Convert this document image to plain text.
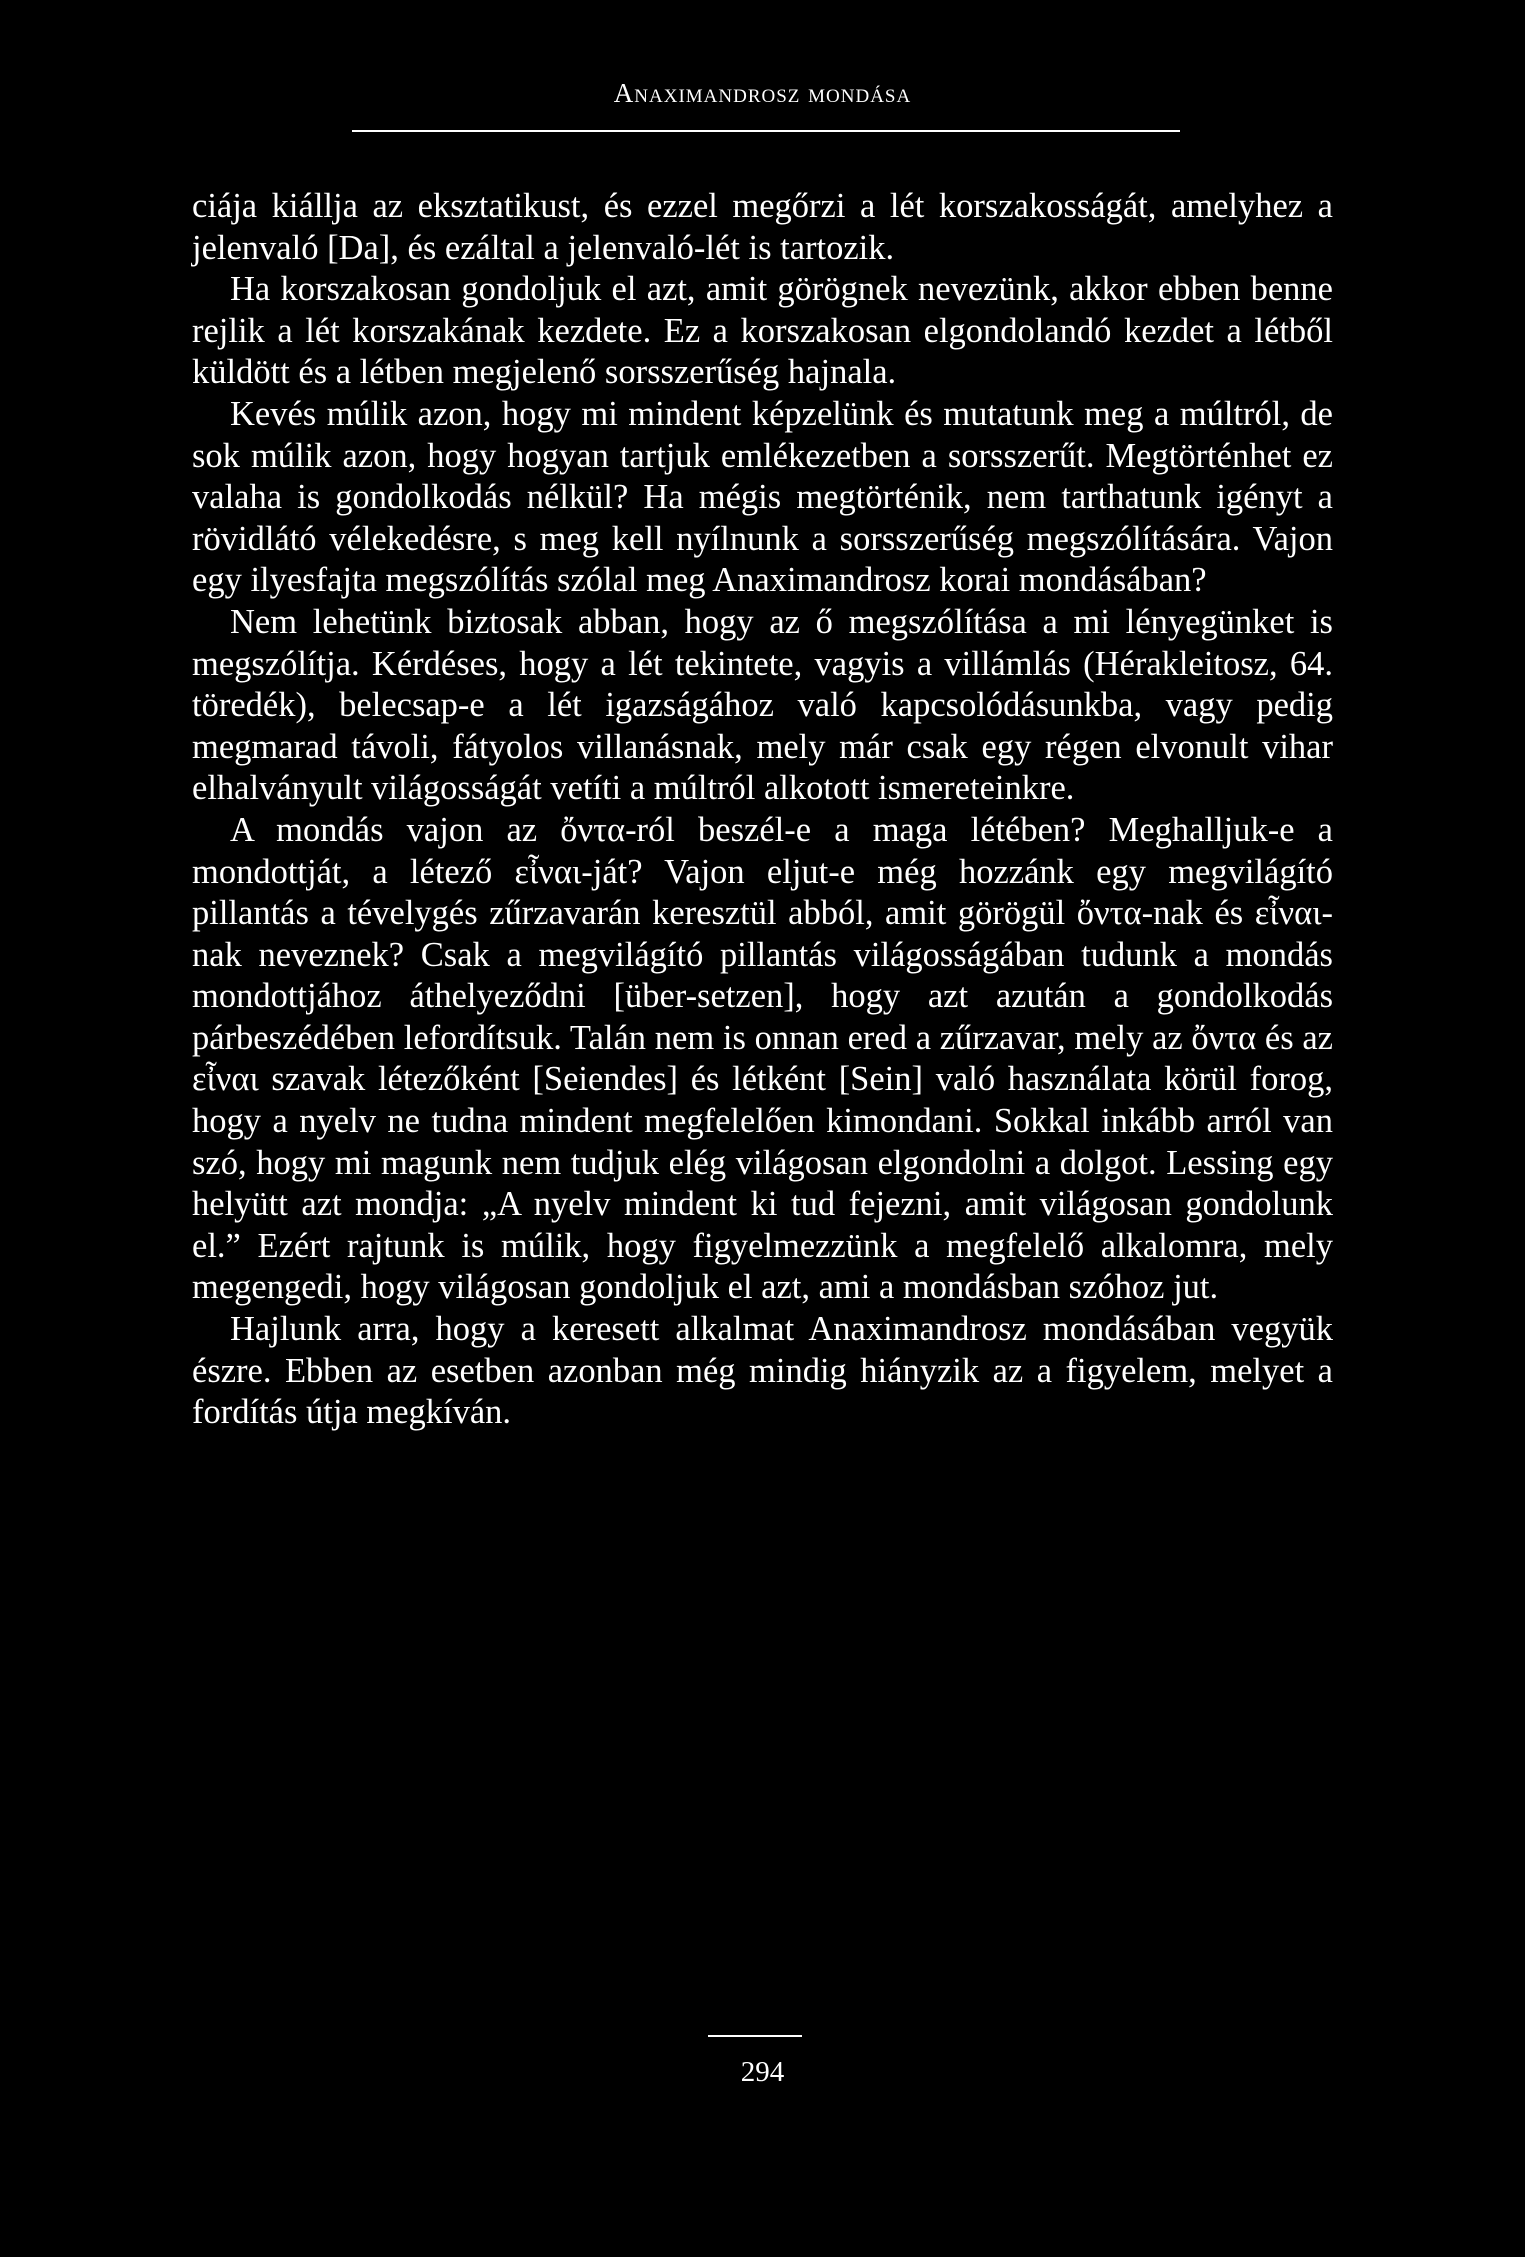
Anaximandrosz mondása

ciája kiállja az eksztatikust, és ezzel megőrzi a lét korszakosságát, amelyhez a jelenvaló [Da], és ezáltal a jelenvaló-lét is tartozik.

Ha korszakosan gondoljuk el azt, amit görögnek nevezünk, akkor ebben benne rejlik a lét korszakának kezdete. Ez a korszakosan elgondolandó kezdet a létből küldött és a létben megjelenő sorsszerűség hajnala.

Kevés múlik azon, hogy mi mindent képzelünk és mutatunk meg a múltról, de sok múlik azon, hogy hogyan tartjuk emlékezetben a sorsszerűt. Megtörténhet ez valaha is gondolkodás nélkül? Ha mégis megtörténik, nem tarthatunk igényt a rövidlátó vélekedésre, s meg kell nyílnunk a sorsszerűség megszólítására. Vajon egy ilyesfajta megszólítás szólal meg Anaximandrosz korai mondásában?

Nem lehetünk biztosak abban, hogy az ő megszólítása a mi lényegünket is megszólítja. Kérdéses, hogy a lét tekintete, vagyis a villámlás (Hérakleitosz, 64. töredék), belecsap-e a lét igazságához való kapcsolódásunkba, vagy pedig megmarad távoli, fátyolos villanásnak, mely már csak egy régen elvonult vihar elhalványult világosságát vetíti a múltról alkotott ismereteinkre.

A mondás vajon az ὄντα-ról beszél-e a maga létében? Meghalljuk-e a mondottját, a létező εἶναι-ját? Vajon eljut-e még hozzánk egy megvilágító pillantás a tévelygés zűrzavarán keresztül abból, amit görögül ὄντα-nak és εἶναι-nak neveznek? Csak a megvilágító pillantás világosságában tudunk a mondás mondottjához áthelyeződni [über-setzen], hogy azt azután a gondolkodás párbeszédében lefordítsuk. Talán nem is onnan ered a zűrzavar, mely az ὄντα és az εἶναι szavak létezőként [Seiendes] és létként [Sein] való használata körül forog, hogy a nyelv ne tudna mindent megfelelően kimondani. Sokkal inkább arról van szó, hogy mi magunk nem tudjuk elég világosan elgondolni a dolgot. Lessing egy helyütt azt mondja: „A nyelv mindent ki tud fejezni, amit világosan gondolunk el.” Ezért rajtunk is múlik, hogy figyelmezzünk a megfelelő alkalomra, mely megengedi, hogy világosan gondoljuk el azt, ami a mondásban szóhoz jut.

Hajlunk arra, hogy a keresett alkalmat Anaximandrosz mondásában vegyük észre. Ebben az esetben azonban még mindig hiányzik az a figyelem, melyet a fordítás útja megkíván.

294
